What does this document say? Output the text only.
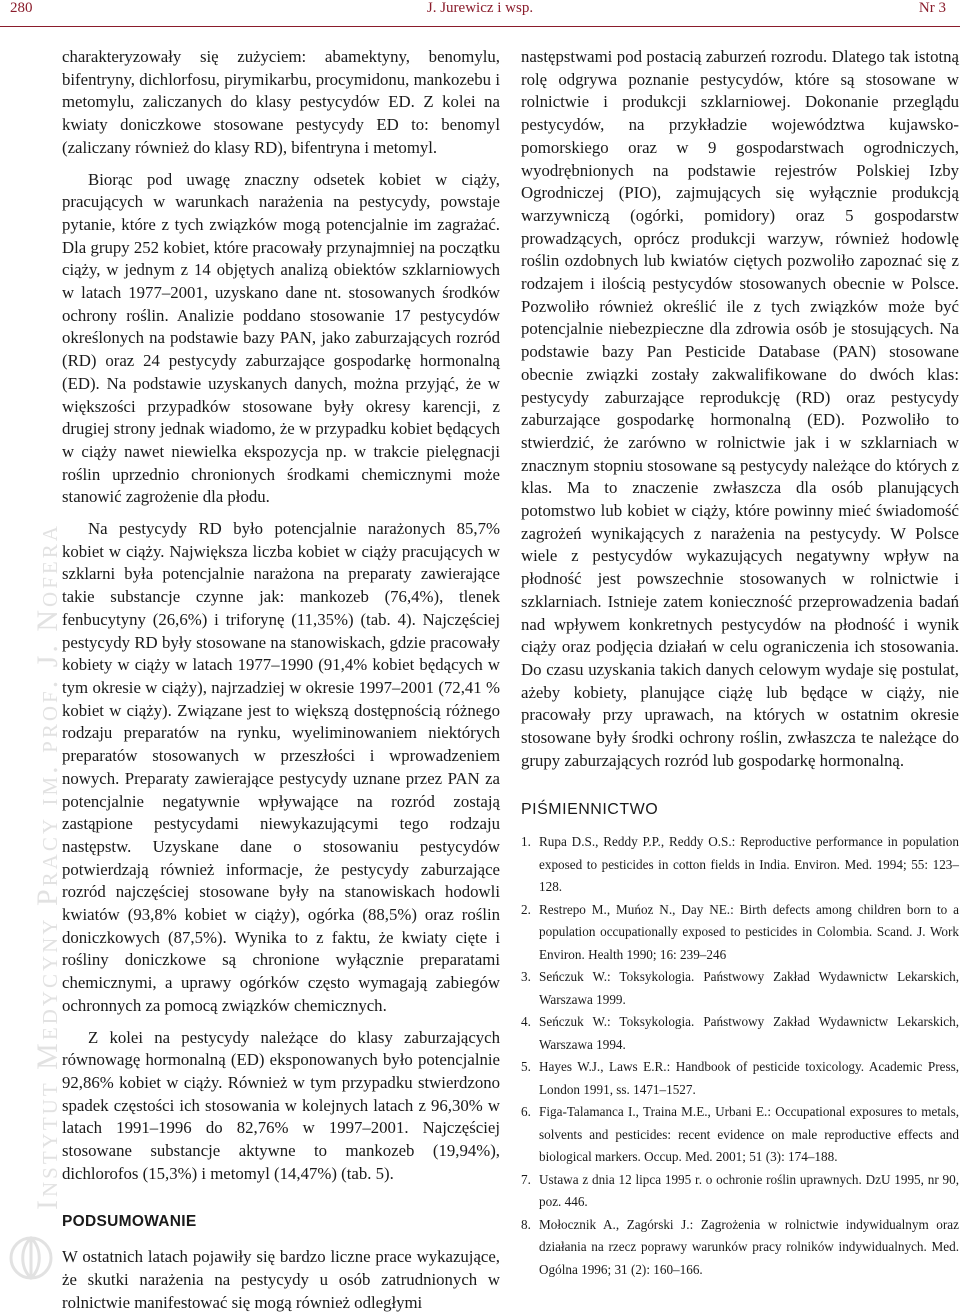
280	J. Jurewicz i wsp.	Nr 3
Instytut Medycyny Pracy im. prof. J. Nofera

charakteryzowały się zużyciem: abamektyny, benomylu, bifentryny, dichlorfosu, pirymikarbu, procymidonu, mankozebu i metomylu, zaliczanych do klasy pestycydów ED. Z kolei na kwiaty doniczkowe stosowane pestycydy ED to: benomyl (zaliczany również do klasy RD), bifentryna i metomyl.

Biorąc pod uwagę znaczny odsetek kobiet w ciąży, pracujących w warunkach narażenia na pestycydy, powstaje pytanie, które z tych związków mogą potencjalnie im zagrażać. Dla grupy 252 kobiet, które pracowały przynajmniej na początku ciąży, w jednym z 14 objętych analizą obiektów szklarniowych w latach 1977–2001, uzyskano dane nt. stosowanych środków ochrony roślin. Analizie poddano stosowanie 17 pestycydów określonych na podstawie bazy PAN, jako zaburzających rozród (RD) oraz 24 pestycydy zaburzające gospodarkę hormonalną (ED). Na podstawie uzyskanych danych, można przyjąć, że w większości przypadków stosowane były okresy karencji, z drugiej strony jednak wiadomo, że w przypadku kobiet będących w ciąży nawet niewielka ekspozycja np. w trakcie pielęgnacji roślin uprzednio chronionych środkami chemicznymi może stanowić zagrożenie dla płodu.

Na pestycydy RD było potencjalnie narażonych 85,7% kobiet w ciąży. Największa liczba kobiet w ciąży pracujących w szklarni była potencjalnie narażona na preparaty zawierające takie substancje czynne jak: mankozeb (76,4%), tlenek fenbucytyny (26,6%) i triforynę (11,35%) (tab. 4). Najczęściej pestycydy RD były stosowane na stanowiskach, gdzie pracowały kobiety w ciąży w latach 1977–1990 (91,4% kobiet będących w tym okresie w ciąży), najrzadziej w okresie 1997–2001 (72,41 % kobiet w ciąży). Związane jest to większą dostępnością różnego rodzaju preparatów na rynku, wyeliminowaniem niektórych preparatów stosowanych w przeszłości i wprowadzeniem nowych. Preparaty zawierające pestycydy uznane przez PAN za potencjalnie negatywnie wpływające na rozród zostają zastąpione pestycydami niewykazującymi tego rodzaju następstw. Uzyskane dane o stosowaniu pestycydów potwierdzają również informacje, że pestycydy zaburzające rozród najczęściej stosowane były na stanowiskach hodowli kwiatów (93,8% kobiet w ciąży), ogórka (88,5%) oraz roślin doniczkowych (87,5%). Wynika to z faktu, że kwiaty cięte i rośliny doniczkowe są chronione wyłącznie preparatami chemicznymi, a uprawy ogórków często wymagają zabiegów ochronnych za pomocą związków chemicznych.

Z kolei na pestycydy należące do klasy zaburzających równowagę hormonalną (ED) eksponowanych było potencjalnie 92,86% kobiet w ciąży. Również w tym przypadku stwierdzono spadek częstości ich stosowania w kolejnych latach z 96,30% w latach 1991–1996 do 82,76% w 1997–2001. Najczęściej stosowane substancje aktywne to mankozeb (19,94%), dichlorofos (15,3%) i metomyl (14,47%) (tab. 5).

PODSUMOWANIE

W ostatnich latach pojawiły się bardzo liczne prace wykazujące, że skutki narażenia na pestycydy u osób zatrudnionych w rolnictwie manifestować się mogą również odległymi

następstwami pod postacią zaburzeń rozrodu. Dlatego tak istotną rolę odgrywa poznanie pestycydów, które są stosowane w rolnictwie i produkcji szklarniowej. Dokonanie przeglądu pestycydów, na przykładzie województwa kujawsko-pomorskiego oraz w 9 gospodarstwach ogrodniczych, wyodrębnionych na podstawie rejestrów Polskiej Izby Ogrodniczej (PIO), zajmujących się wyłącznie produkcją warzywniczą (ogórki, pomidory) oraz 5 gospodarstw prowadzących, oprócz produkcji warzyw, również hodowlę roślin ozdobnych lub kwiatów ciętych pozwoliło zapoznać się z rodzajem i ilością pestycydów stosowanych obecnie w Polsce. Pozwoliło również określić ile z tych związków może być potencjalnie niebezpieczne dla zdrowia osób je stosujących. Na podstawie bazy Pan Pesticide Database (PAN) stosowane obecnie związki zostały zakwalifikowane do dwóch klas: pestycydy zaburzające reprodukcję (RD) oraz pestycydy zaburzające gospodarkę hormonalną (ED). Pozwoliło to stwierdzić, że zarówno w rolnictwie jak i w szklarniach w znacznym stopniu stosowane są pestycydy należące do których z klas. Ma to znaczenie zwłaszcza dla osób planujących potomstwo lub kobiet w ciąży, które powinny mieć świadomość zagrożeń wynikających z narażenia na pestycydy. W Polsce wiele z pestycydów wykazujących negatywny wpływ na płodność jest powszechnie stosowanych w rolnictwie i szklarniach. Istnieje zatem konieczność przeprowadzenia badań nad wpływem konkretnych pestycydów na płodność i wynik ciąży oraz podjęcia działań w celu ograniczenia ich stosowania. Do czasu uzyskania takich danych celowym wydaje się postulat, ażeby kobiety, planujące ciążę lub będące w ciąży, nie pracowały przy uprawach, na których w ostatnim okresie stosowane były środki ochrony roślin, zwłaszcza te należące do grupy zaburzających rozród lub gospodarkę hormonalną.

PIŚMIENNICTWO
1. Rupa D.S., Reddy P.P., Reddy O.S.: Reproductive performance in population exposed to pesticides in cotton fields in India. Environ. Med. 1994; 55: 123–128.
2. Restrepo M., Muńoz N., Day NE.: Birth defects among children born to a population occupationally exposed to pesticides in Colombia. Scand. J. Work Environ. Health 1990; 16: 239–246
3. Seńczuk W.: Toksykologia. Państwowy Zakład Wydawnictw Lekarskich, Warszawa 1999.
4. Seńczuk W.: Toksykologia. Państwowy Zakład Wydawnictw Lekarskich, Warszawa 1994.
5. Hayes W.J., Laws E.R.: Handbook of pesticide toxicology. Academic Press, London 1991, ss. 1471–1527.
6. Figa-Talamanca I., Traina M.E., Urbani E.: Occupational exposures to metals, solvents and pesticides: recent evidence on male reproductive effects and biological markers. Occup. Med. 2001; 51 (3): 174–188.
7. Ustawa z dnia 12 lipca 1995 r. o ochronie roślin uprawnych. DzU 1995, nr 90, poz. 446.
8. Mołocznik A., Zagórski J.: Zagrożenia w rolnictwie indywidualnym oraz działania na rzecz poprawy warunków pracy rolników indywidualnych. Med. Ogólna 1996; 31 (2): 160–166.
